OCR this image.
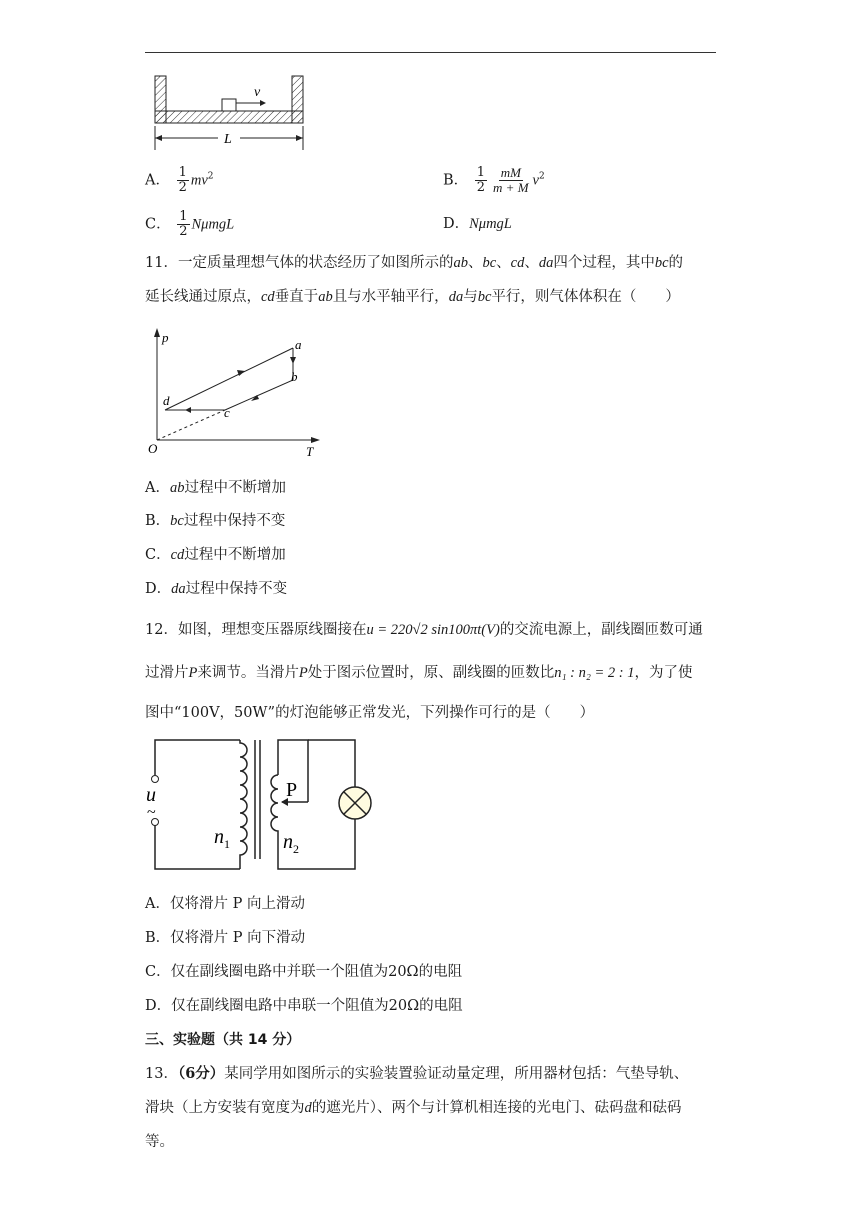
v
L
A． $\frac{1}{2} mv^2$	B． $\frac{1}{2} \frac{mM}{m + M} v^2$
C． $\frac{1}{2}$ NμmgL	D．NμmgL
11．一定质量理想气体的状态经历了如图所示的ab、bc、cd、da四个过程，其中bc的
延长线通过原点，cd垂直于ab且与水平轴平行，da与bc平行，则气体体积在（　　）
p
T
O
a
b
c
d
A．ab过程中不断增加
B．bc过程中保持不变
C．cd过程中不断增加
D．da过程中保持不变
12．如图，理想变压器原线圈接在u = 220√2 sin100πt(V)的交流电源上，副线圈匝数可通
过滑片P来调节。当滑片P处于图示位置时，原、副线圈的匝数比n₁ : n₂ = 2 : 1，为了使
图中“100V，50W”的灯泡能够正常发光，下列操作可行的是（　　）
u
~
P
$n_1$	$n_2$
A．仅将滑片 P 向上滑动
B．仅将滑片 P 向下滑动
C．仅在副线圈电路中并联一个阻值为20Ω的电阻
D．仅在副线圈电路中串联一个阻值为20Ω的电阻
三、实验题（共 14 分）
13．（6分）某同学用如图所示的实验装置验证动量定理，所用器材包括：气垫导轨、
滑块（上方安装有宽度为d的遮光片）、两个与计算机相连接的光电门、砝码盘和砝码
等。
